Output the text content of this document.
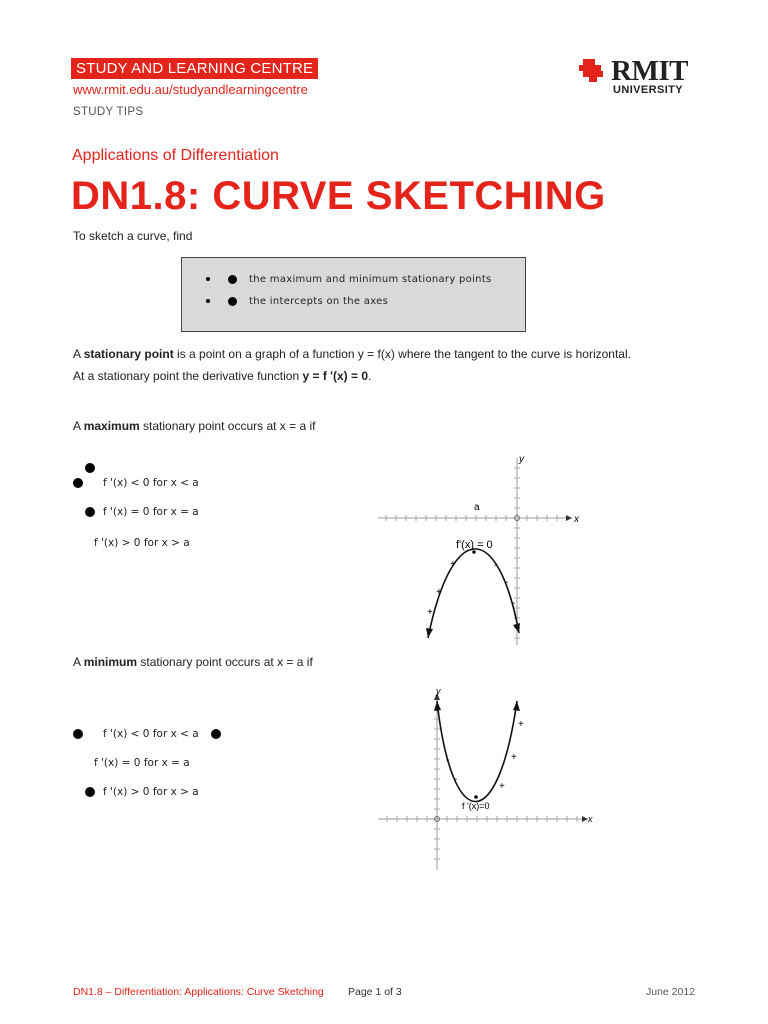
STUDY AND LEARNING CENTRE
www.rmit.edu.au/studyandlearningcentre
STUDY TIPS
RMIT
UNIVERSITY
Applications of Differentiation
DN1.8: CURVE SKETCHING
To sketch a curve, find
the maximum and minimum stationary points
the intercepts on the axes
A stationary point is a point on a graph of a function y = f(x) where the tangent to the curve is horizontal.
At a stationary point the derivative function y = f '(x) = 0.
A maximum stationary point occurs at x = a if
f '(x) < 0 for x < a
f '(x) = 0 for x = a
f '(x) > 0 for x > a
y
x
a
f'(x) = 0
+
+
+
-
-
-
A minimum stationary point occurs at x = a if
f '(x) < 0 for x < a
f '(x) = 0 for x = a
f '(x) > 0 for x > a
y
x
f '(x)=0
-
-
+
+
+
DN1.8 – Differentiation: Applications: Curve Sketching Page 1 of 3	June 2012
